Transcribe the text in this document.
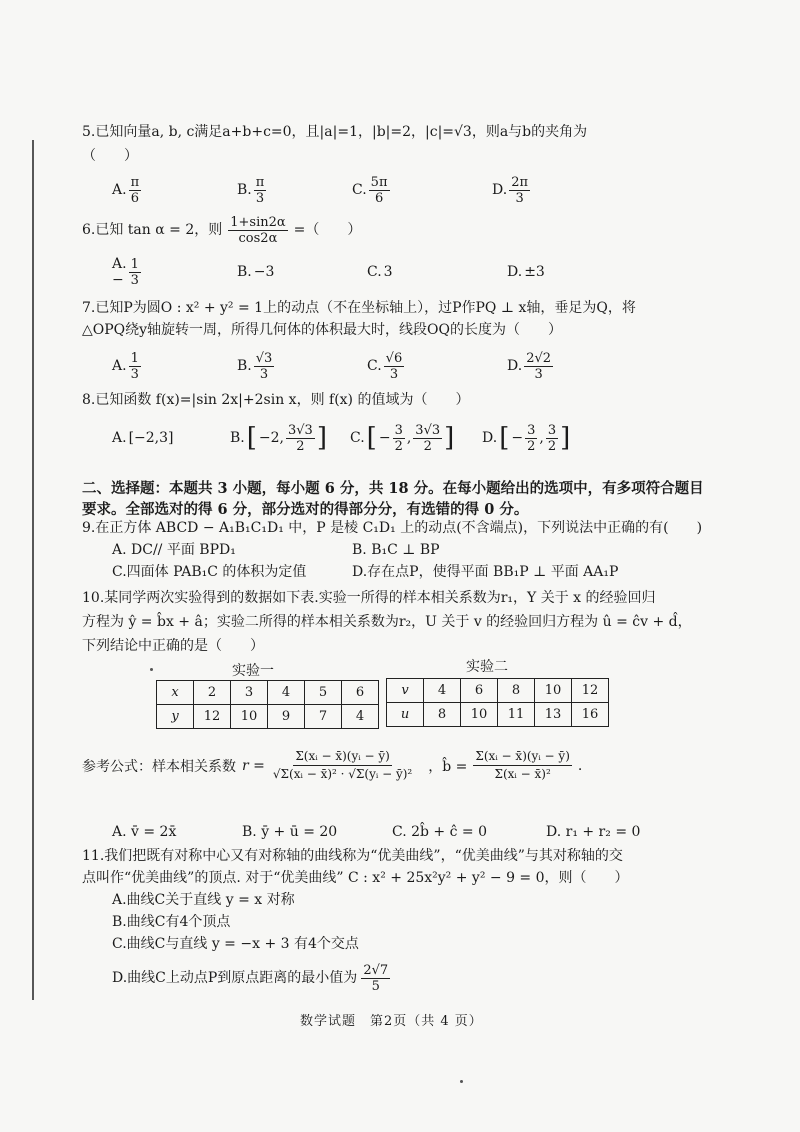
5.已知向量a, b, c满足a+b+c=0，且|a|=1，|b|=2，|c|=√3，则a与b的夹角为
（　　）
A. $\frac{\pi}{6}$	B. $\frac{\pi}{3}$	C. $\frac{5\pi}{6}$	D. $\frac{2\pi}{3}$
6.已知 tan α = 2，则 $\frac{1+\sin 2\alpha}{\cos 2\alpha}$ =（　　）
$A.- \frac{1}{3}$	B. −3	C. 3	D. ±3
7.已知P为圆O : x² + y² = 1上的动点（不在坐标轴上），过P作PQ ⊥ x轴，垂足为Q，将
△OPQ绕y轴旋转一周，所得几何体的体积最大时，线段OQ的长度为（　　）
A. $\frac{1}{3}$	B. $\frac{√3}{3}$	C. $\frac{√6}{3}$	D. $\frac{2√2}{3}$
8.已知函数 f(x)=|sin 2x|+2sin x，则 f(x) 的值域为（　　）
A. [−2,3]	B. [ −2, $\frac{3√3}{2}$ ] C. [ − $\frac{3}{2}$ , $\frac{3√3}{2}$ ] D. [ − $\frac{3}{2}$ , $\frac{3}{2}$ ]
二、选择题：本题共 3 小题，每小题 6 分，共 18 分。在每小题给出的选项中，有多项符合题目要求。全部选对的得 6 分，部分选对的得部分分，有选错的得 0 分。
9.在正方体 ABCD − A₁B₁C₁D₁ 中，P 是棱 C₁D₁ 上的动点(不含端点)，下列说法中正确的有(　　)
A. DC// 平面 BPD₁	B. B₁C ⊥ BP
C.四面体 PAB₁C 的体积为定值	D.存在点P，使得平面 BB₁P ⊥ 平面 AA₁P
10.某同学两次实验得到的数据如下表.实验一所得的样本相关系数为r₁，Y 关于 x 的经验回归
方程为 ŷ = b̂x + â；实验二所得的样本相关系数为r₂，U 关于 v 的经验回归方程为 û = ĉv + d̂，
下列结论中正确的是（　　）
实验一
x	2	3	4	5	6
y	12	10	9	7	4
实验二
v	4	6	8	10	12
u	8	10	11	13	16
参考公式：样本相关系数 $r = \frac{\text{Σ(xᵢ − x̄)(yᵢ − ȳ)}}{\text{√Σ(xᵢ − x̄)² · √Σ(yᵢ − ȳ)²}}$ ，b̂ = $\frac{\text{Σ(xᵢ − x̄)(yᵢ − ȳ)}}{\text{Σ(xᵢ − x̄)²}}$ .
A. v̄ = 2x̄	B. ȳ + ū = 20	C. 2b̂ + ĉ = 0	D. r₁ + r₂ = 0
11.我们把既有对称中心又有对称轴的曲线称为“优美曲线”，“优美曲线”与其对称轴的交
点叫作“优美曲线”的顶点. 对于“优美曲线” C : x² + 25x²y² + y² − 9 = 0，则（　　）
A.曲线C关于直线 y = x 对称
B.曲线C有4个顶点
C.曲线C与直线 y = −x + 3 有4个交点
D.曲线C上动点P到原点距离的最小值为 $\frac{2√7}{5}$
数学试题　第2页（共 4 页）
